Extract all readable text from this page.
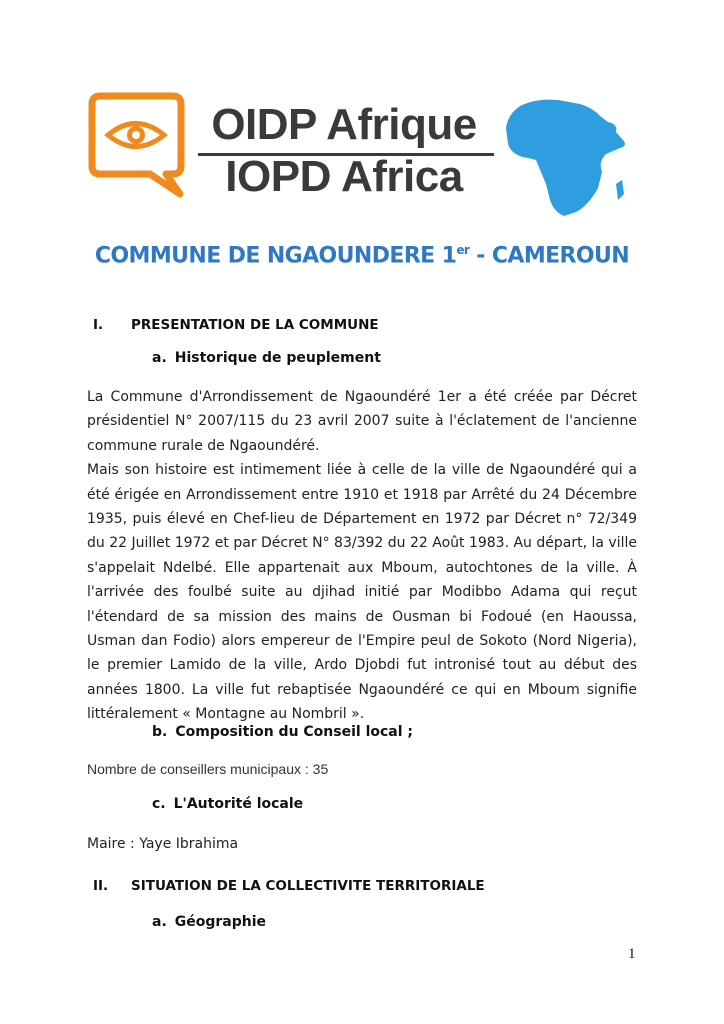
OIDP Afrique
IOPD Africa
COMMUNE DE NGAOUNDERE 1er - CAMEROUN
I. PRESENTATION DE LA COMMUNE
a. Historique de peuplement

La Commune d'Arrondissement de Ngaoundéré 1er a été créée par Décret présidentiel N° 2007/115 du 23 avril 2007 suite à l'éclatement de l'ancienne commune rurale de Ngaoundéré.

Mais son histoire est intimement liée à celle de la ville de Ngaoundéré qui a été érigée en Arrondissement entre 1910 et 1918 par Arrêté du 24 Décembre 1935, puis élevé en Chef-lieu de Département en 1972 par Décret n° 72/349 du 22 Juillet 1972 et par Décret N° 83/392 du 22 Août 1983. Au départ, la ville s'appelait Ndelbé. Elle appartenait aux Mboum, autochtones de la ville. À l'arrivée des foulbé suite au djihad initié par Modibbo Adama qui reçut l'étendard de sa mission des mains de Ousman bi Fodoué (en Haoussa, Usman dan Fodio) alors empereur de l'Empire peul de Sokoto (Nord Nigeria), le premier Lamido de la ville, Ardo Djobdi fut intronisé tout au début des années 1800. La ville fut rebaptisée Ngaoundéré ce qui en Mboum signifie littéralement « Montagne au Nombril ».

b. Composition du Conseil local ;
Nombre de conseillers municipaux : 35
c. L'Autorité locale
Maire : Yaye Ibrahima
II. SITUATION DE LA COLLECTIVITE TERRITORIALE
a. Géographie
1
